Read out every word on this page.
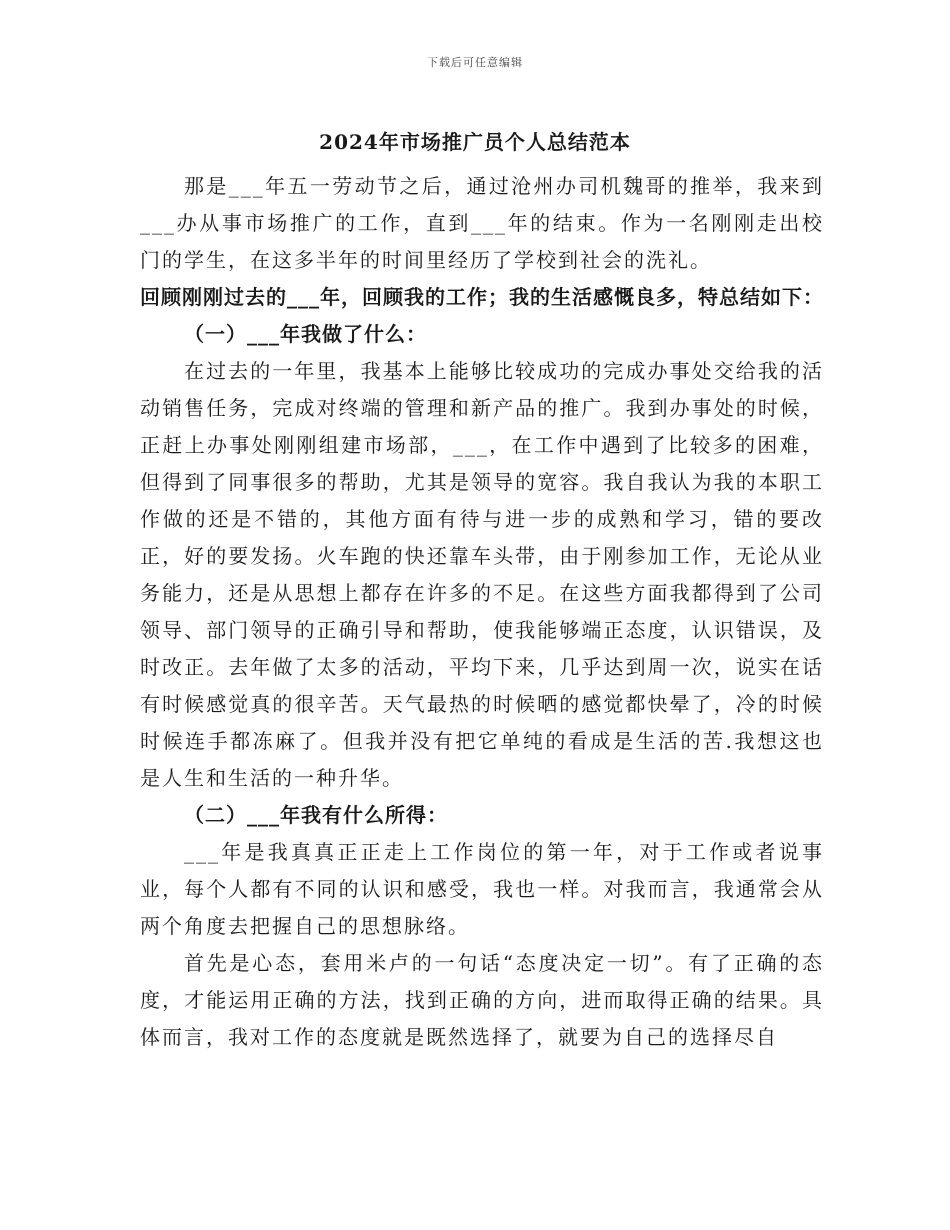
下载后可任意编辑
2024年市场推广员个人总结范本

那是___年五一劳动节之后，通过沧州办司机魏哥的推举，我来到___办从事市场推广的工作，直到___年的结束。作为一名刚刚走出校门的学生，在这多半年的时间里经历了学校到社会的洗礼。

回顾刚刚过去的___年，回顾我的工作；我的生活感慨良多，特总结如下：

（一）___年我做了什么：

在过去的一年里，我基本上能够比较成功的完成办事处交给我的活动销售任务，完成对终端的管理和新产品的推广。我到办事处的时候，正赶上办事处刚刚组建市场部，___，在工作中遇到了比较多的困难，但得到了同事很多的帮助，尤其是领导的宽容。我自我认为我的本职工作做的还是不错的，其他方面有待与进一步的成熟和学习，错的要改正，好的要发扬。火车跑的快还靠车头带，由于刚参加工作，无论从业务能力，还是从思想上都存在许多的不足。在这些方面我都得到了公司领导、部门领导的正确引导和帮助，使我能够端正态度，认识错误，及时改正。去年做了太多的活动，平均下来，几乎达到周一次，说实在话有时候感觉真的很辛苦。天气最热的时候晒的感觉都快晕了，冷的时候时候连手都冻麻了。但我并没有把它单纯的看成是生活的苦.我想这也是人生和生活的一种升华。

（二）___年我有什么所得：

___年是我真真正正走上工作岗位的第一年，对于工作或者说事业，每个人都有不同的认识和感受，我也一样。对我而言，我通常会从两个角度去把握自己的思想脉络。

首先是心态，套用米卢的一句话“态度决定一切”。有了正确的态度，才能运用正确的方法，找到正确的方向，进而取得正确的结果。具体而言，我对工作的态度就是既然选择了，就要为自己的选择尽自
